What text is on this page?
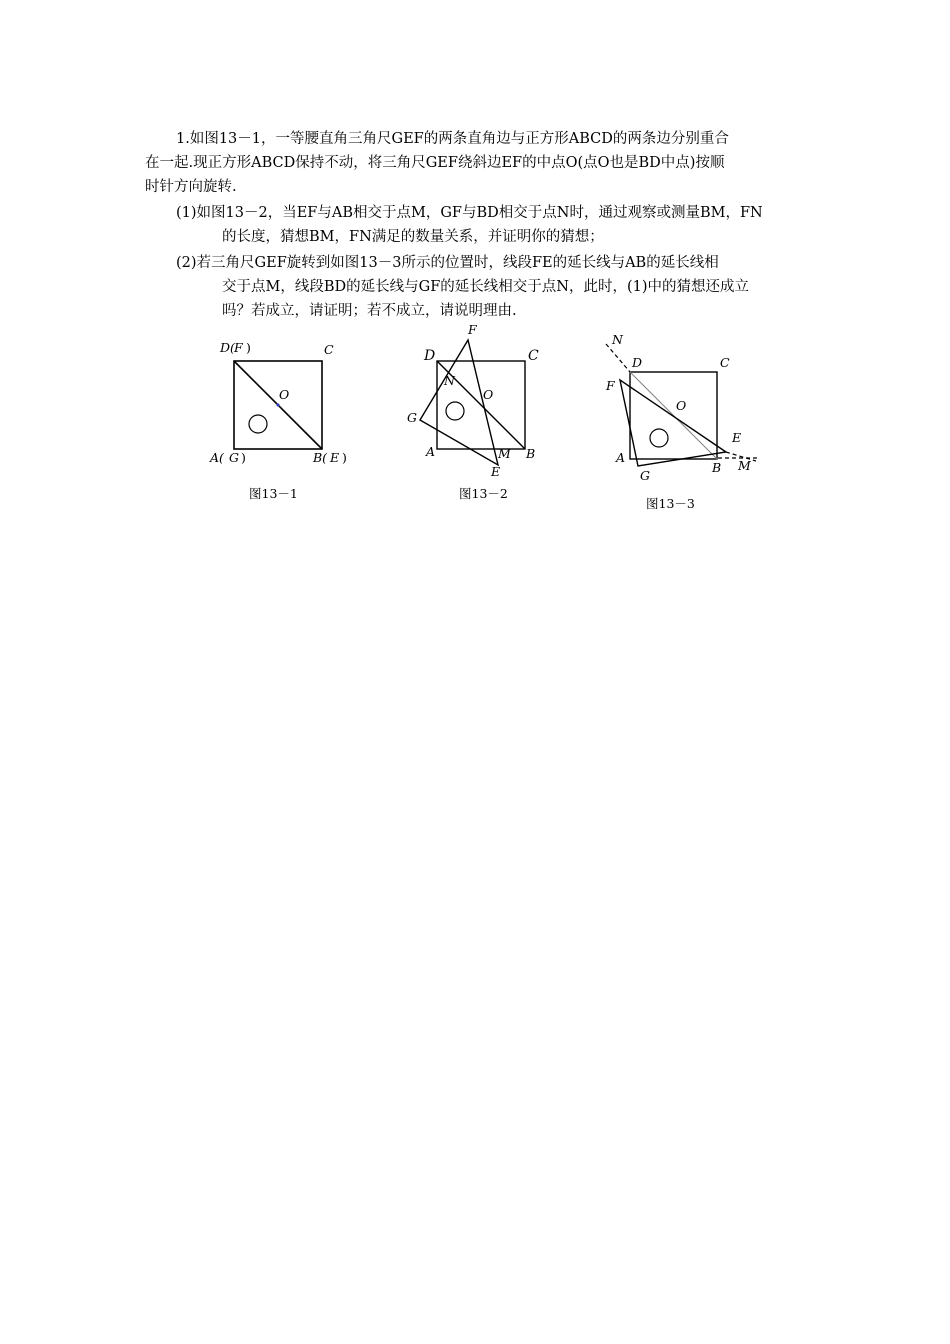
1.如图13－1，一等腰直角三角尺GEF的两条直角边与正方形ABCD的两条边分别重合
在一起.现正方形ABCD保持不动，将三角尺GEF绕斜边EF的中点O(点O也是BD中点)按顺
时针方向旋转.
(1)如图13－2，当EF与AB相交于点M，GF与BD相交于点N时，通过观察或测量BM，FN
的长度，猜想BM，FN满足的数量关系，并证明你的猜想；
(2)若三角尺GEF旋转到如图13－3所示的位置时，线段FE的延长线与AB的延长线相
交于点M，线段BD的延长线与GF的延长线相交于点N，此时，(1)中的猜想还成立
吗？若成立，请证明；若不成立，请说明理由.
D( F )	C
O
A( G )	B( E )
图13－1
F
D	C
N
O
G
A	M B
E
图13－2
N
D	C
F
O
E
A
G
B M
图13－3
